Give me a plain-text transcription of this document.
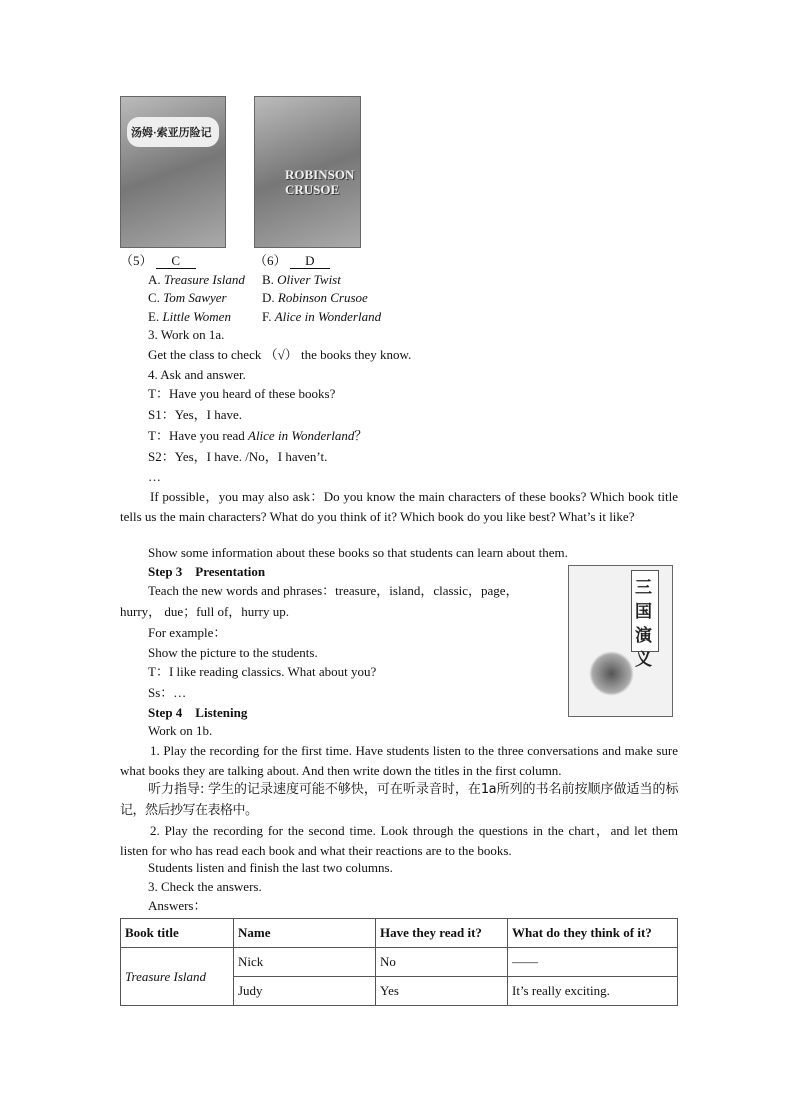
汤姆·索亚历险记
ROBINSON CRUSOE
三国演义
（5） C	（6） D
A. Treasure Island B. Oliver Twist
C. Tom Sawyer	D. Robinson Crusoe
E. Little Women F. Alice in Wonderland
3. Work on 1a.
Get the class to check （√） the books they know.
4. Ask and answer.
T：Have you heard of these books?
S1：Yes，I have.
T：Have you read Alice in Wonderland？
S2：Yes，I have. /No，I haven’t.
…
If possible，you may also ask：Do you know the main characters of these books? Which book title tells us the main characters? What do you think of it? Which book do you like best? What’s it like?
Show some information about these books so that students can learn about them.
Step 3　Presentation
Teach the new words and phrases：treasure，island，classic，page，
hurry， due；full of，hurry up.
For example：
Show the picture to the students.
T：I like reading classics. What about you?
Ss：…
Step 4　Listening
Work on 1b.
1. Play the recording for the first time. Have students listen to the three conversations and make sure what books they are talking about. And then write down the titles in the first column.
听力指导: 学生的记录速度可能不够快，可在听录音时，在1a所列的书名前按顺序做适当的标记，然后抄写在表格中。
2. Play the recording for the second time. Look through the questions in the chart，and let them listen for who has read each book and what their reactions are to the books.
Students listen and finish the last two columns.
3. Check the answers.
Answers：
Book title	Name	Have they read it?	What do they think of it?
Treasure Island	Nick	No	——
	Judy	Yes	It’s really exciting.
